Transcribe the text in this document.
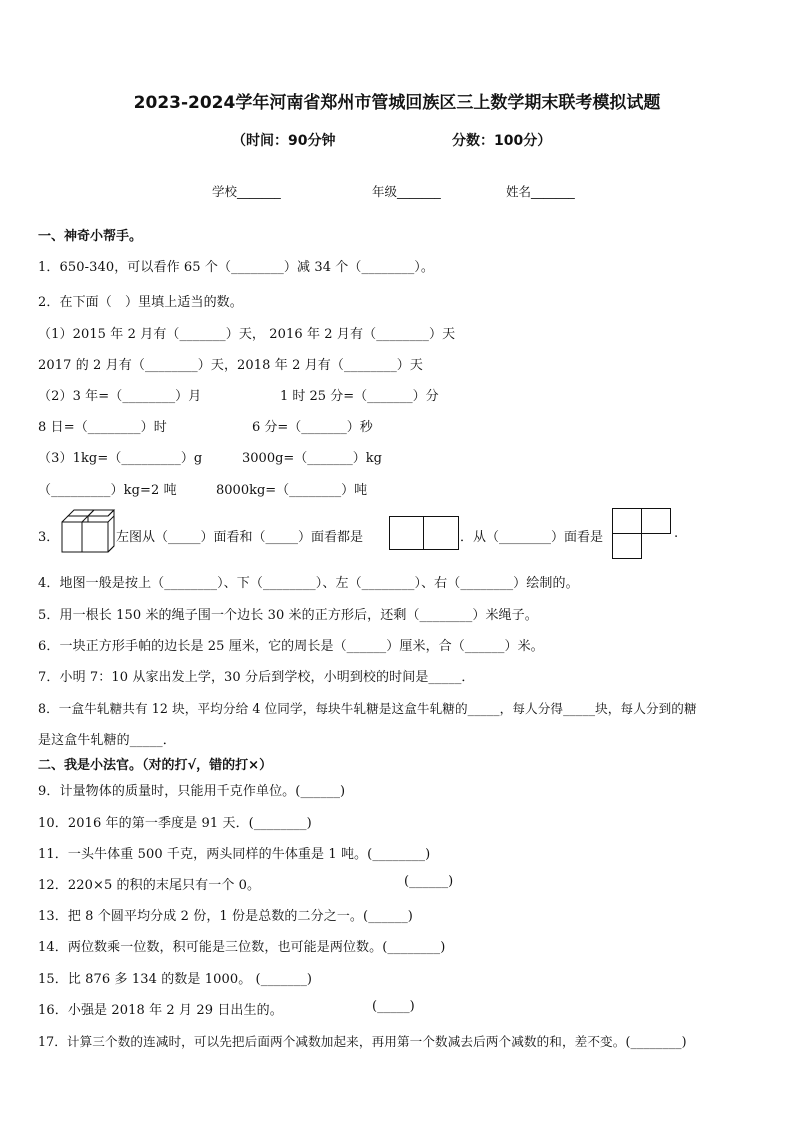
2023-2024学年河南省郑州市管城回族区三上数学期末联考模拟试题
（时间：90分钟	分数：100分）
学校_______	年级_______	姓名_______
一、神奇小帮手。
1．650-340，可以看作 65 个（________）减 34 个（________）。
2．在下面（　）里填上适当的数。
（1）2015 年 2 月有（_______）天， 2016 年 2 月有（________）天
2017 的 2 月有（________）天，2018 年 2 月有（________）天
（2）3 年=（________）月	1 时 25 分=（_______）分
8 日=（________）时	6 分=（_______）秒
（3）1kg=（_________）g	3000g=（_______）kg
（_________）kg=2 吨	8000kg=（________）吨
3．	左图从（_____）面看和（_____）面看都是	．从（________）面看是	.
4．地图一般是按上（________）、下（________）、左（________）、右（________）绘制的。
5．用一根长 150 米的绳子围一个边长 30 米的正方形后，还剩（________）米绳子。
6．一块正方形手帕的边长是 25 厘米，它的周长是（______）厘米，合（______）米。
7．小明 7：10 从家出发上学，30 分后到学校，小明到校的时间是_____．
8．一盒牛轧糖共有 12 块，平均分给 4 位同学，每块牛轧糖是这盒牛轧糖的_____，每人分得_____块，每人分到的糖
是这盒牛轧糖的_____．
二、我是小法官。（对的打√，错的打×）
9．计量物体的质量时，只能用千克作单位。(______)
10．2016 年的第一季度是 91 天．(________)
11．一头牛体重 500 千克，两头同样的牛体重是 1 吨。(________)
12．220×5 的积的末尾只有一个 0。	(______)
13．把 8 个圆平均分成 2 份，1 份是总数的二分之一。(______)
14．两位数乘一位数，积可能是三位数，也可能是两位数。(________)
15．比 876 多 134 的数是 1000。 (_______)
16．小强是 2018 年 2 月 29 日出生的。	(_____)
17．计算三个数的连减时，可以先把后面两个减数加起来，再用第一个数减去后两个减数的和，差不变。(________)
